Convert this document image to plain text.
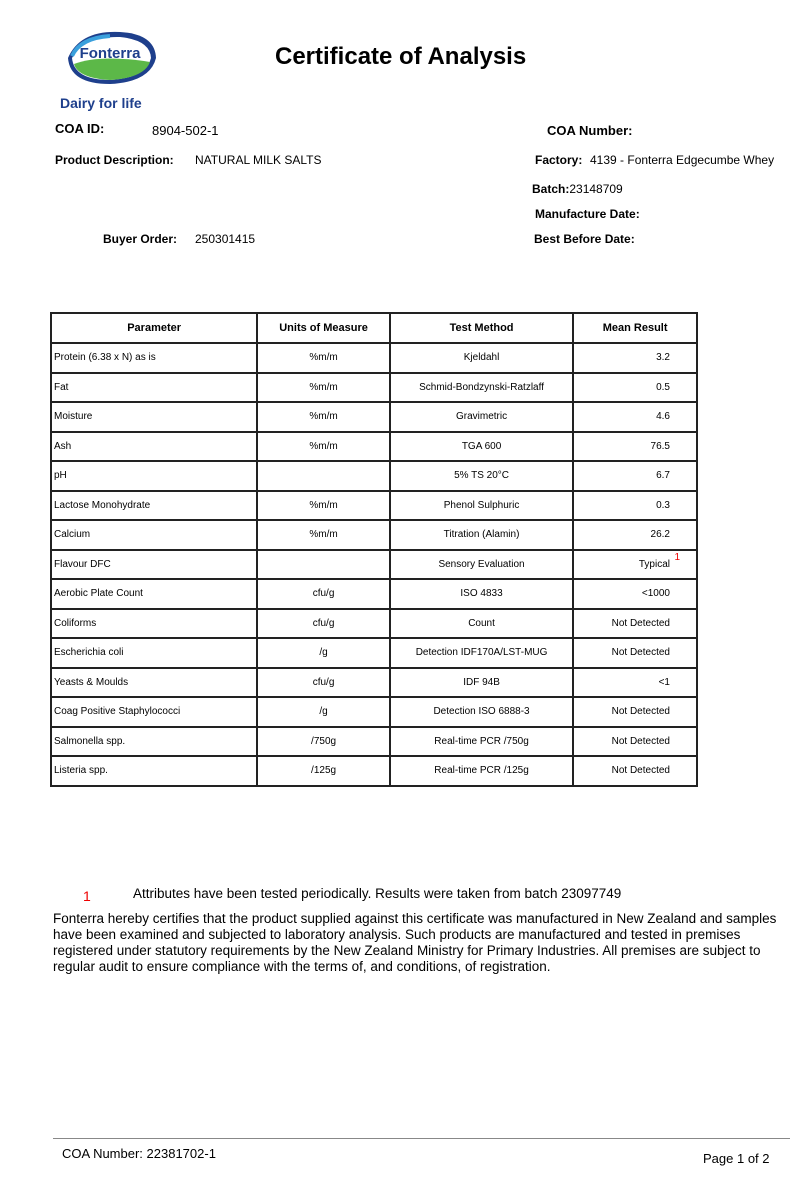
Fonterra
Dairy for life
Certificate of Analysis
COA ID:	8904-502-1	COA Number:
Product Description: NATURAL MILK SALTS	Factory: 4139 - Fonterra Edgecumbe Whey
Batch:23148709
Manufacture Date:
Buyer Order: 250301415	Best Before Date:
Parameter	Units of Measure	Test Method	Mean Result
Protein (6.38 x N) as is	%m/m	Kjeldahl	3.2
Fat	%m/m	Schmid-Bondzynski-Ratzlaff	0.5
Moisture	%m/m	Gravimetric	4.6
Ash	%m/m	TGA 600	76.5
pH		5% TS 20°C	6.7
Lactose Monohydrate	%m/m	Phenol Sulphuric	0.3
Calcium	%m/m	Titration (Alamin)	26.2
Flavour DFC		Sensory Evaluation	Typical
1

Aerobic Plate Count	cfu/g	ISO 4833	<1000
Coliforms	cfu/g	Count	Not Detected
Escherichia coli	/g	Detection IDF170A/LST-MUG	Not Detected
Yeasts & Moulds	cfu/g	IDF 94B	<1
Coag Positive Staphylococci	/g	Detection ISO 6888-3	Not Detected
Salmonella spp.	/750g	Real-time PCR /750g	Not Detected
Listeria spp.	/125g	Real-time PCR /125g	Not Detected
1	Attributes have been tested periodically. Results were taken from batch 23097749
Fonterra hereby certifies that the product supplied against this certificate was manufactured in New Zealand and samples have been examined and subjected to laboratory analysis. Such products are manufactured and tested in premises registered under statutory requirements by the New Zealand Ministry for Primary Industries. All premises are subject to regular audit to ensure compliance with the terms of, and conditions, of registration.
COA Number: 22381702-1	Page 1 of 2
